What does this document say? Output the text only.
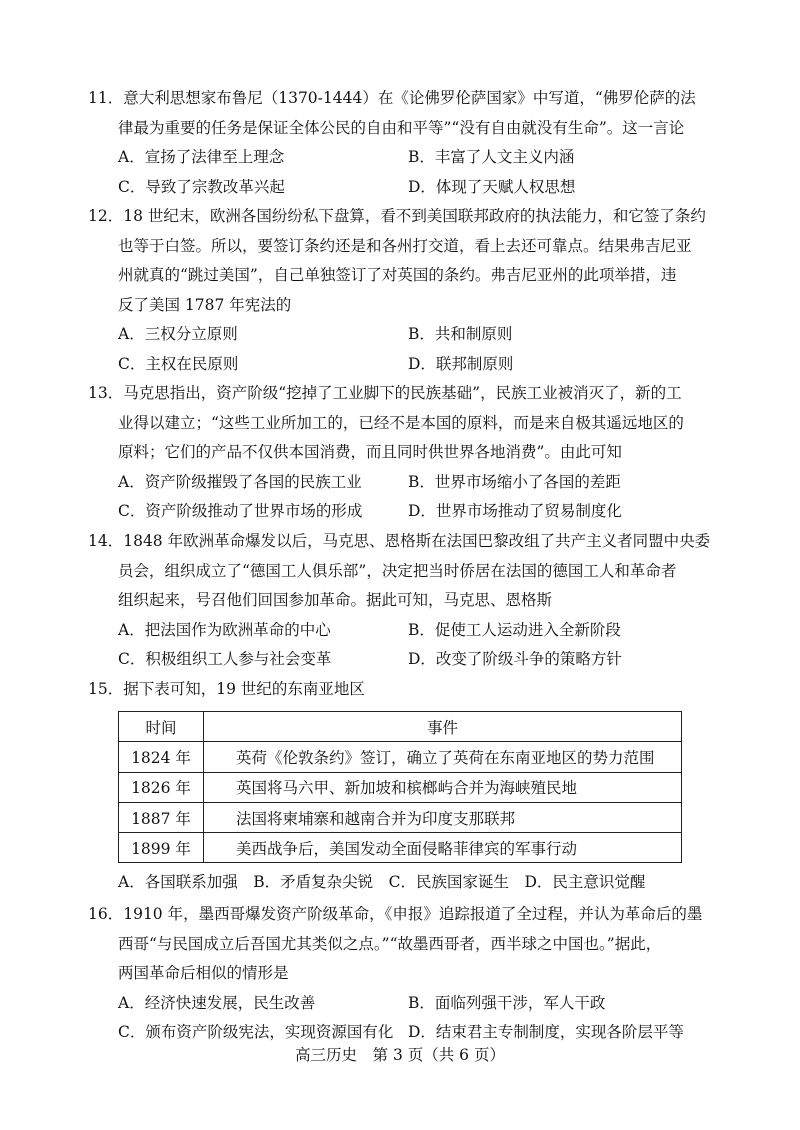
11．意大利思想家布鲁尼（1370-1444）在《论佛罗伦萨国家》中写道，“佛罗伦萨的法
律最为重要的任务是保证全体公民的自由和平等”“没有自由就没有生命”。这一言论
A．宣扬了法律至上理念	B．丰富了人文主义内涵
C．导致了宗教改革兴起	D．体现了天赋人权思想
12．18 世纪末，欧洲各国纷纷私下盘算，看不到美国联邦政府的执法能力，和它签了条约
也等于白签。所以，要签订条约还是和各州打交道，看上去还可靠点。结果弗吉尼亚
州就真的“跳过美国”，自己单独签订了对英国的条约。弗吉尼亚州的此项举措，违
反了美国 1787 年宪法的
A．三权分立原则	B．共和制原则
C．主权在民原则	D．联邦制原则
13．马克思指出，资产阶级“挖掉了工业脚下的民族基础”，民族工业被消灭了，新的工
业得以建立；“这些工业所加工的，已经不是本国的原料，而是来自极其遥远地区的
原料；它们的产品不仅供本国消费，而且同时供世界各地消费”。由此可知
A．资产阶级摧毁了各国的民族工业	B．世界市场缩小了各国的差距
C．资产阶级推动了世界市场的形成	D．世界市场推动了贸易制度化
14．1848 年欧洲革命爆发以后，马克思、恩格斯在法国巴黎改组了共产主义者同盟中央委
员会，组织成立了“德国工人俱乐部”，决定把当时侨居在法国的德国工人和革命者
组织起来，号召他们回国参加革命。据此可知，马克思、恩格斯
A．把法国作为欧洲革命的中心	B．促使工人运动进入全新阶段
C．积极组织工人参与社会变革	D．改变了阶级斗争的策略方针
15．据下表可知，19 世纪的东南亚地区
时间	事件
1824 年	英荷《伦敦条约》签订，确立了英荷在东南亚地区的势力范围
1826 年	英国将马六甲、新加坡和槟榔屿合并为海峡殖民地
1887 年	法国将柬埔寨和越南合并为印度支那联邦
1899 年	美西战争后，美国发动全面侵略菲律宾的军事行动
A．各国联系加强　B．矛盾复杂尖锐　C．民族国家诞生　D．民主意识觉醒
16．1910 年，墨西哥爆发资产阶级革命，《申报》追踪报道了全过程，并认为革命后的墨
西哥“与民国成立后吾国尤其类似之点。”“故墨西哥者，西半球之中国也。”据此，
两国革命后相似的情形是
A．经济快速发展，民生改善	B．面临列强干涉，军人干政
C．颁布资产阶级宪法，实现资源国有化 D．结束君主专制制度，实现各阶层平等
高三历史　第 3 页（共 6 页）
